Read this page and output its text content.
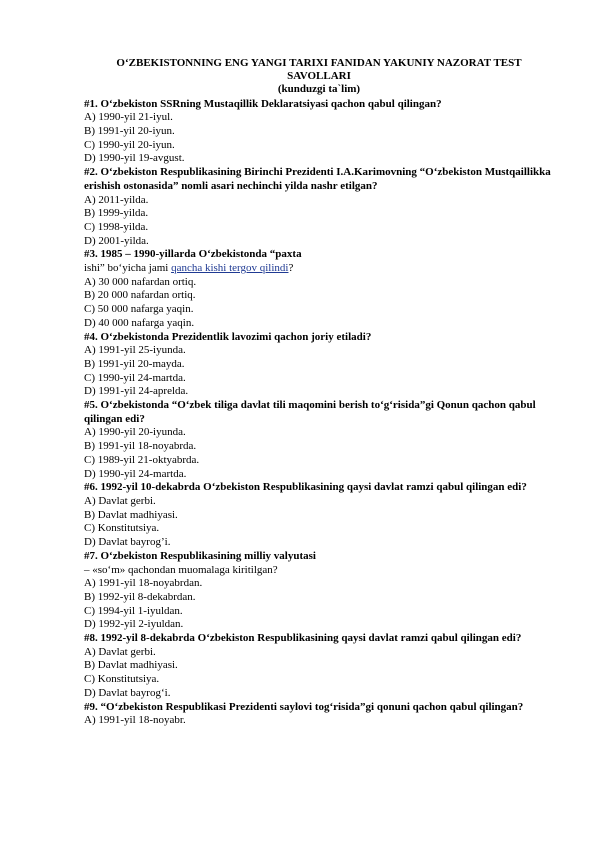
O‘ZBEKISTONNING ENG YANGI TARIXI FANIDAN YAKUNIY NAZORAT TEST SAVOLLARI

(kunduzgi ta`lim)

#1. O‘zbekiston SSRning Mustaqillik Deklaratsiyasi qachon qabul qilingan?

A) 1990-yil 21-iyul.

B) 1991-yil 20-iyun.

C) 1990-yil 20-iyun.

D) 1990-yil 19-avgust.

#2. O‘zbekiston Respublikasining Birinchi Prezidenti I.A.Karimovning “O‘zbekiston Mustqaillikka erishish ostonasida” nomli asari nechinchi yilda nashr etilgan?

A) 2011-yilda.

B) 1999-yilda.

C) 1998-yilda.

D) 2001-yilda.

#3. 1985 – 1990-yillarda O‘zbekistonda “paxta

ishi” bo‘yicha jami qancha kishi tergov qilindi?

A) 30 000 nafardan ortiq.

B) 20 000 nafardan ortiq.

C) 50 000 nafarga yaqin.

D) 40 000 nafarga yaqin.

#4. O‘zbekistonda Prezidentlik lavozimi qachon joriy etiladi?

A) 1991-yil 25-iyunda.

B) 1991-yil 20-mayda.

C) 1990-yil 24-martda.

D) 1991-yil 24-aprelda.

#5. O‘zbekistonda “O‘zbek tiliga davlat tili maqomini berish to‘g‘risida”gi Qonun qachon qabul qilingan edi?

A) 1990-yil 20-iyunda.

B) 1991-yil 18-noyabrda.

C) 1989-yil 21-oktyabrda.

D) 1990-yil 24-martda.

#6. 1992-yil 10-dekabrda O‘zbekiston Respublikasining qaysi davlat ramzi qabul qilingan edi?

A) Davlat gerbi.

B) Davlat madhiyasi.

C) Konstitutsiya.

D) Davlat bayrog’i.

#7. O‘zbekiston Respublikasining milliy valyutasi

– «so‘m» qachondan muomalaga kiritilgan?

A) 1991-yil 18-noyabrdan.

B) 1992-yil 8-dekabrdan.

C) 1994-yil 1-iyuldan.

D) 1992-yil 2-iyuldan.

#8. 1992-yil 8-dekabrda O‘zbekiston Respublikasining qaysi davlat ramzi qabul qilingan edi?

A) Davlat gerbi.

B) Davlat madhiyasi.

C) Konstitutsiya.

D) Davlat bayrog‘i.

#9. “O‘zbekiston Respublikasi Prezidenti saylovi tog‘risida”gi qonuni qachon qabul qilingan?

A) 1991-yil 18-noyabr.
